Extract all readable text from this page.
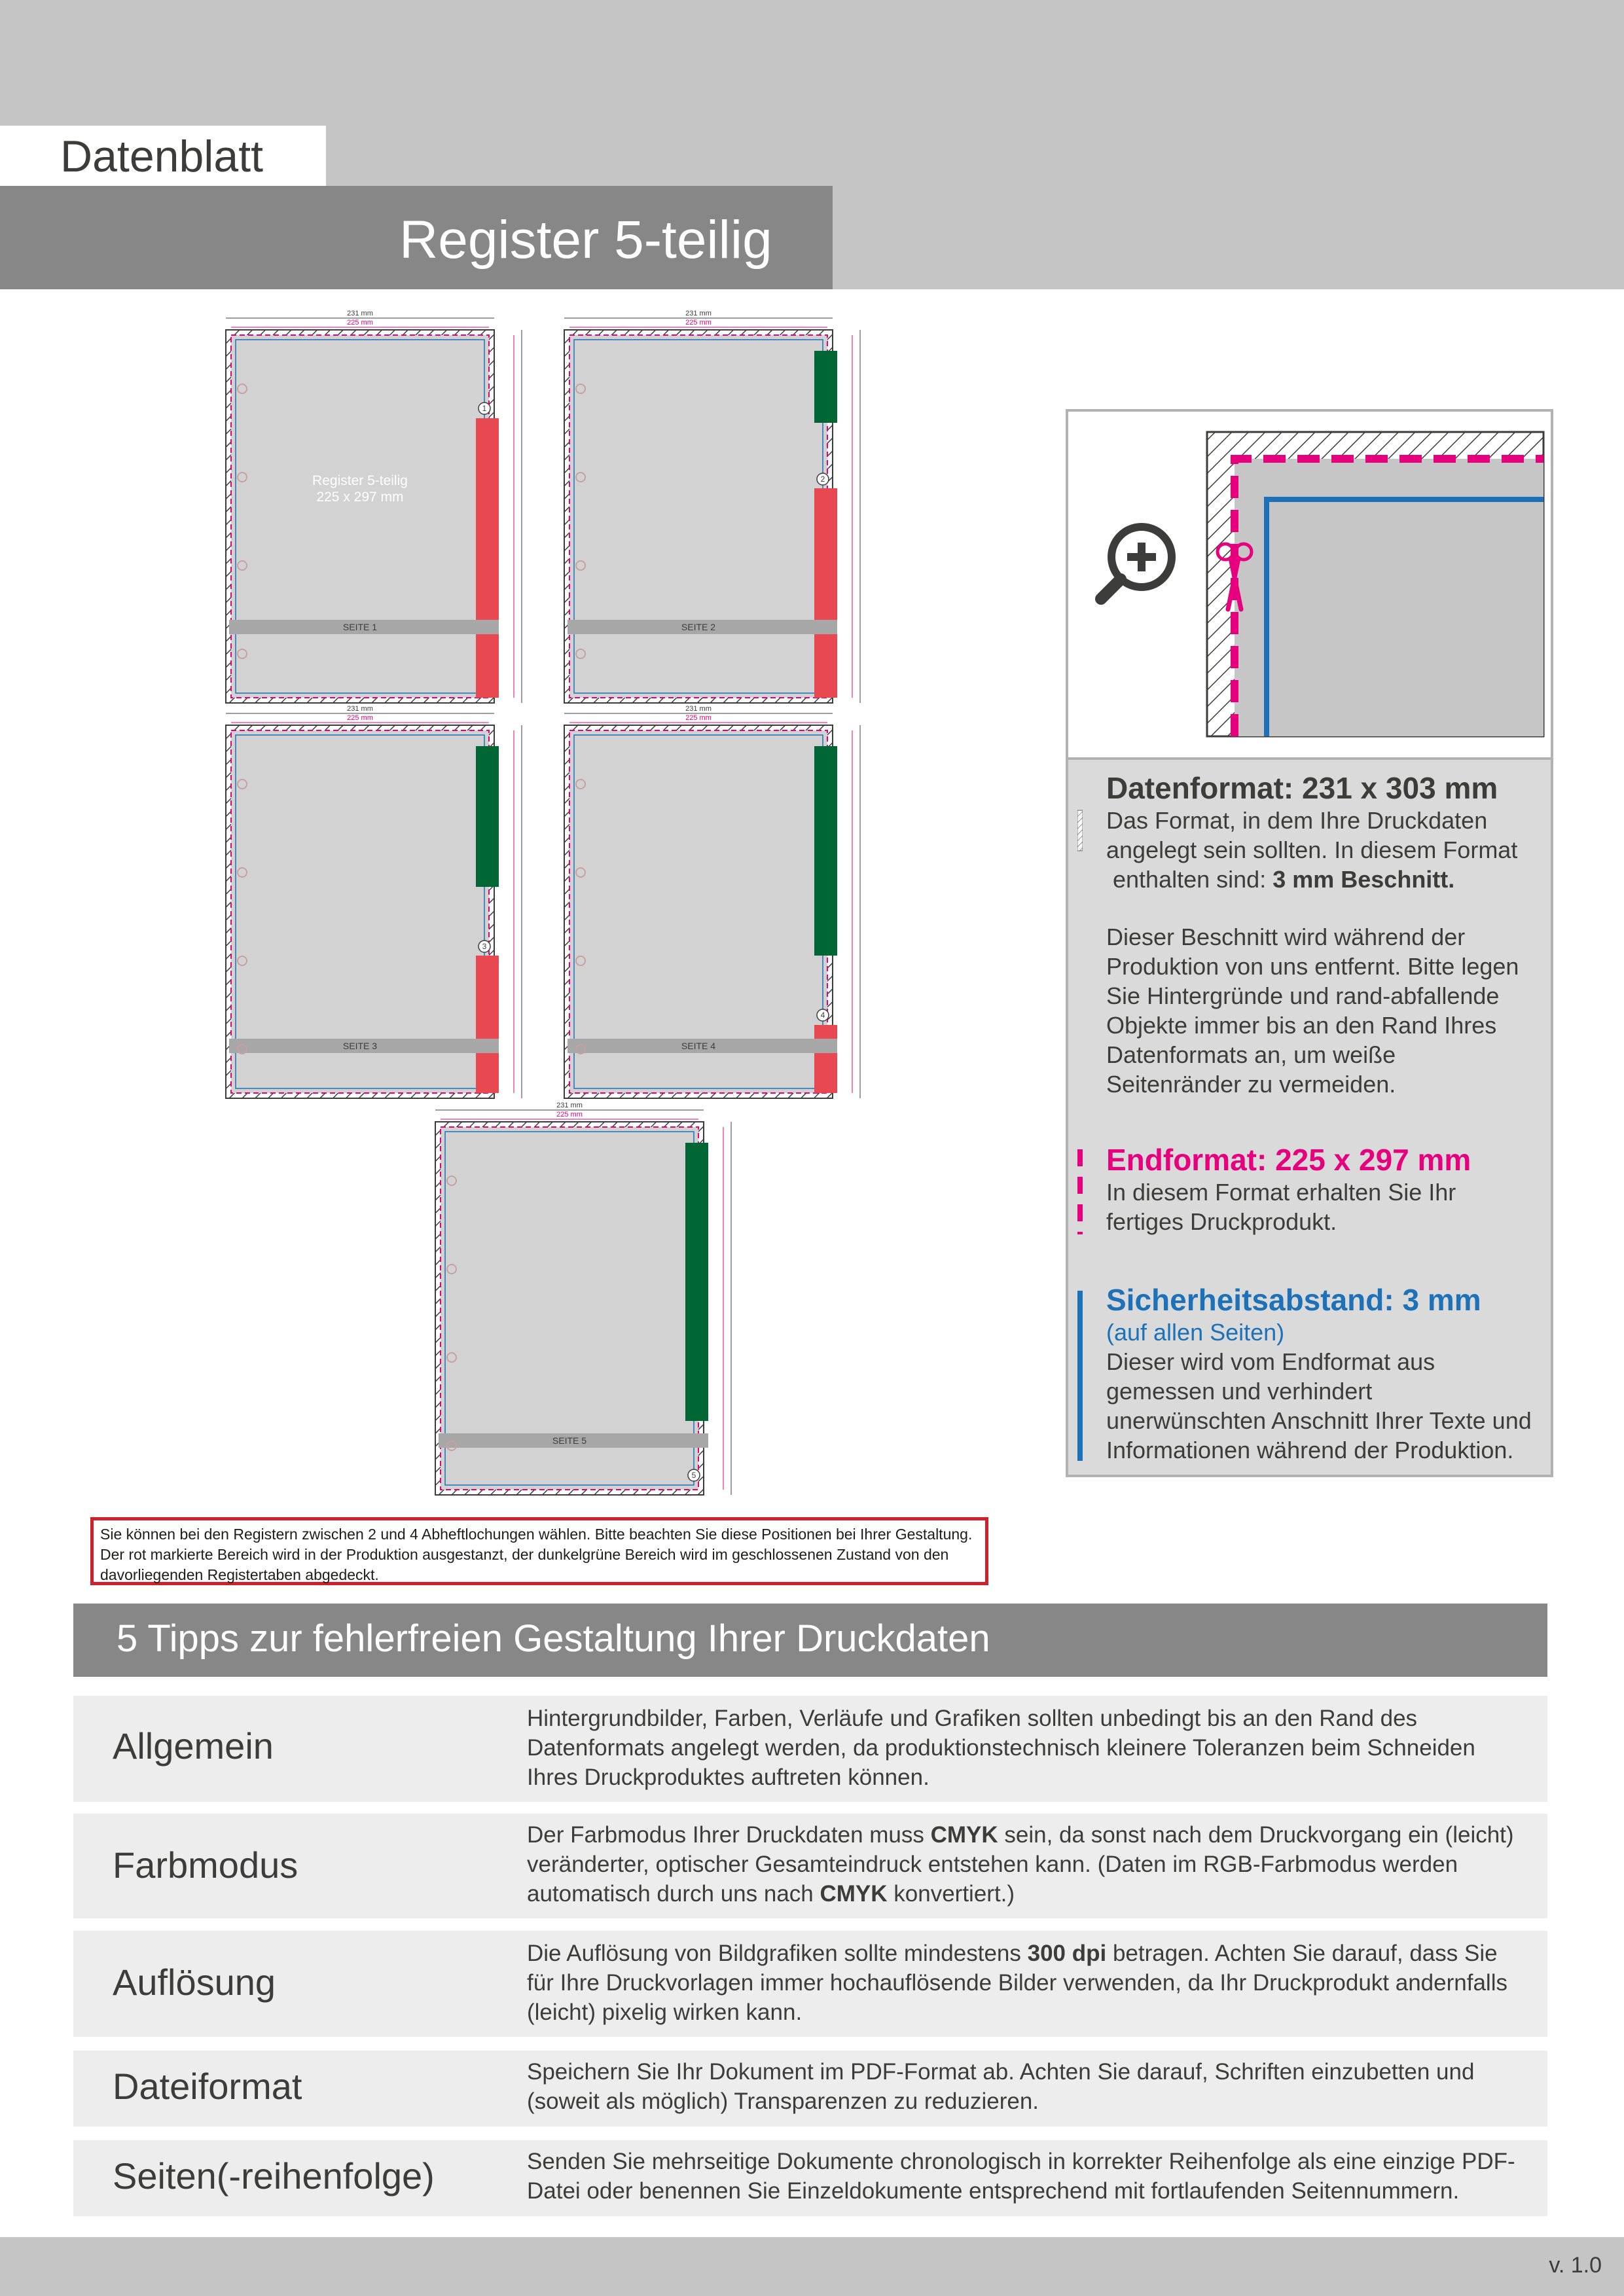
Datenblatt
Register 5-teilig
231 mm
225 mm
Register 5-teilig
225 x 297 mm
SEITE 1
1
231 mm
225 mm
SEITE 2
2
231 mm
225 mm
SEITE 3
3
231 mm
225 mm
SEITE 4
4
231 mm
225 mm
SEITE 5
5
Datenformat: 231 x 303 mm

Das Format, in dem Ihre Druckdaten

angelegt sein sollten. In diesem Format

enthalten sind: 3 mm Beschnitt.

Dieser Beschnitt wird während der Produktion von uns entfernt. Bitte legen Sie Hintergründe und rand-abfallende Objekte immer bis an den Rand Ihres Datenformats an, um weiße Seitenränder zu vermeiden.

Endformat: 225 x 297 mm

In diesem Format erhalten Sie Ihr fertiges Druckprodukt.

Sicherheitsabstand: 3 mm

(auf allen Seiten)

Dieser wird vom Endformat aus gemessen und verhindert unerwünschten Anschnitt Ihrer Texte und Informationen während der Produktion.

Sie können bei den Registern zwischen 2 und 4 Abheftlochungen wählen. Bitte beachten Sie diese Positionen bei Ihrer Gestaltung. Der rot markierte Bereich wird in der Produktion ausgestanzt, der dunkelgrüne Bereich wird im geschlossenen Zustand von den davorliegenden Registertaben abgedeckt.
5 Tipps zur fehlerfreien Gestaltung Ihrer Druckdaten
Allgemein
Hintergrundbilder, Farben, Verläufe und Grafiken sollten unbedingt bis an den Rand des Datenformats angelegt werden, da produktionstechnisch kleinere Toleranzen beim Schneiden Ihres Druckproduktes auftreten können.
Farbmodus
Der Farbmodus Ihrer Druckdaten muss CMYK sein, da sonst nach dem Druckvorgang ein (leicht) veränderter, optischer Gesamteindruck entstehen kann. (Daten im RGB-Farbmodus werden automatisch durch uns nach CMYK konvertiert.)
Auflösung
Die Auflösung von Bildgrafiken sollte mindestens 300 dpi betragen. Achten Sie darauf, dass Sie für Ihre Druckvorlagen immer hochauflösende Bilder verwenden, da Ihr Druckprodukt andernfalls (leicht) pixelig wirken kann.
Dateiformat	Speichern Sie Ihr Dokument im PDF-Format ab. Achten Sie darauf, Schriften einzubetten und (soweit als möglich) Transparenzen zu reduzieren.
Seiten(-reihenfolge)	Senden Sie mehrseitige Dokumente chronologisch in korrekter Reihenfolge als eine einzige PDF-Datei oder benennen Sie Einzeldokumente entsprechend mit fortlaufenden Seitennummern.
v. 1.0
